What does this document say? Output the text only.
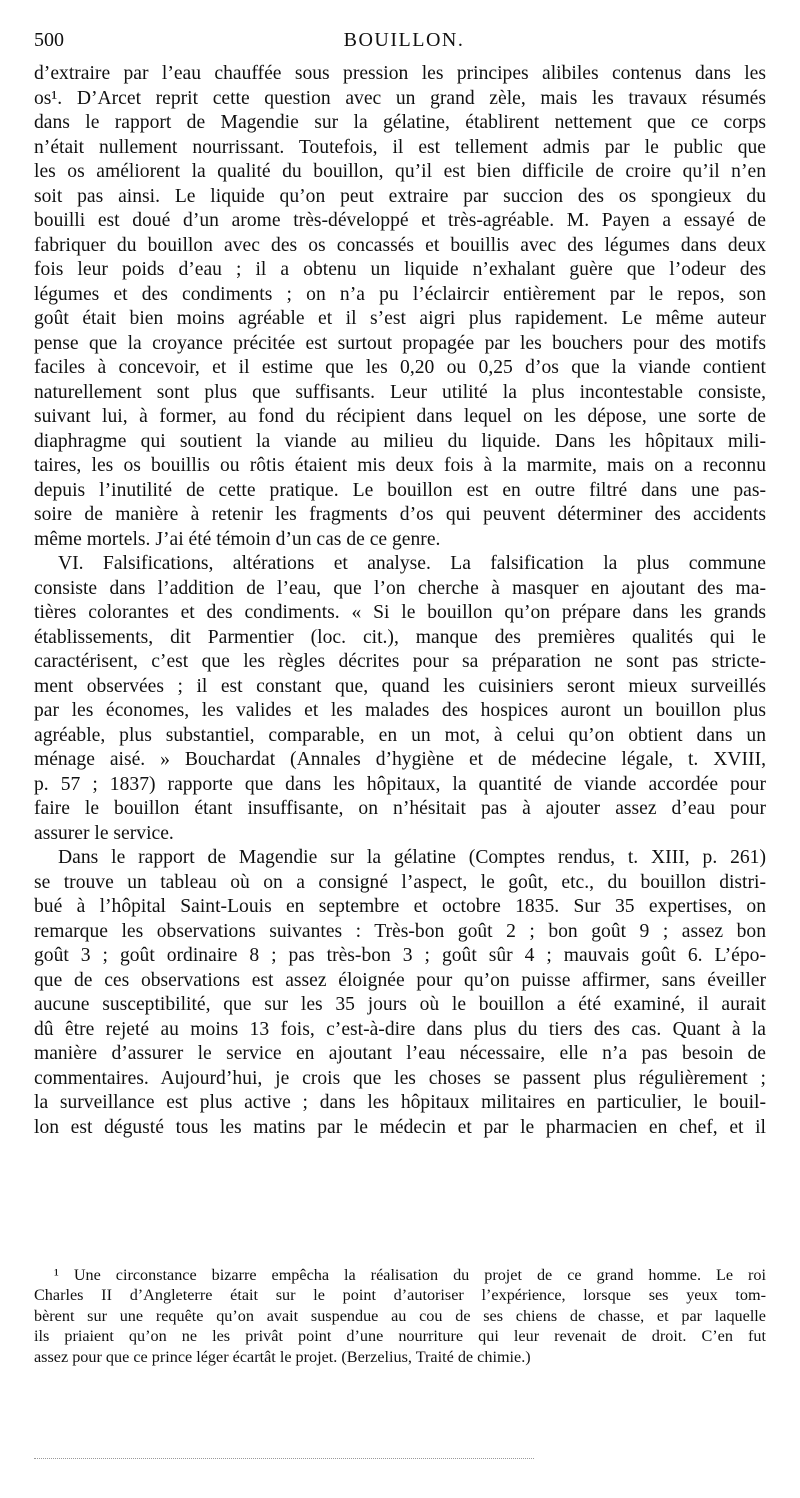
500	BOUILLON.
d’extraire par l’eau chauffée sous pression les principes alibiles contenus dans les
os¹. D’Arcet reprit cette question avec un grand zèle, mais les travaux résumés
dans le rapport de Magendie sur la gélatine, établirent nettement que ce corps
n’était nullement nourrissant. Toutefois, il est tellement admis par le public que
les os améliorent la qualité du bouillon, qu’il est bien difficile de croire qu’il n’en
soit pas ainsi. Le liquide qu’on peut extraire par succion des os spongieux du
bouilli est doué d’un arome très-développé et très-agréable. M. Payen a essayé de
fabriquer du bouillon avec des os concassés et bouillis avec des légumes dans deux
fois leur poids d’eau ; il a obtenu un liquide n’exhalant guère que l’odeur des
légumes et des condiments ; on n’a pu l’éclaircir entièrement par le repos, son
goût était bien moins agréable et il s’est aigri plus rapidement. Le même auteur
pense que la croyance précitée est surtout propagée par les bouchers pour des motifs
faciles à concevoir, et il estime que les 0,20 ou 0,25 d’os que la viande contient
naturellement sont plus que suffisants. Leur utilité la plus incontestable consiste,
suivant lui, à former, au fond du récipient dans lequel on les dépose, une sorte de
diaphragme qui soutient la viande au milieu du liquide. Dans les hôpitaux mili-
taires, les os bouillis ou rôtis étaient mis deux fois à la marmite, mais on a reconnu
depuis l’inutilité de cette pratique. Le bouillon est en outre filtré dans une pas-
soire de manière à retenir les fragments d’os qui peuvent déterminer des accidents
même mortels. J’ai été témoin d’un cas de ce genre.
VI. Falsifications, altérations et analyse. La falsification la plus commune
consiste dans l’addition de l’eau, que l’on cherche à masquer en ajoutant des ma-
tières colorantes et des condiments. « Si le bouillon qu’on prépare dans les grands
établissements, dit Parmentier (loc. cit.), manque des premières qualités qui le
caractérisent, c’est que les règles décrites pour sa préparation ne sont pas stricte-
ment observées ; il est constant que, quand les cuisiniers seront mieux surveillés
par les économes, les valides et les malades des hospices auront un bouillon plus
agréable, plus substantiel, comparable, en un mot, à celui qu’on obtient dans un
ménage aisé. » Bouchardat (Annales d’hygiène et de médecine légale, t. XVIII,
p. 57 ; 1837) rapporte que dans les hôpitaux, la quantité de viande accordée pour
faire le bouillon étant insuffisante, on n’hésitait pas à ajouter assez d’eau pour
assurer le service.
Dans le rapport de Magendie sur la gélatine (Comptes rendus, t. XIII, p. 261)
se trouve un tableau où on a consigné l’aspect, le goût, etc., du bouillon distri-
bué à l’hôpital Saint-Louis en septembre et octobre 1835. Sur 35 expertises, on
remarque les observations suivantes : Très-bon goût 2 ; bon goût 9 ; assez bon
goût 3 ; goût ordinaire 8 ; pas très-bon 3 ; goût sûr 4 ; mauvais goût 6. L’épo-
que de ces observations est assez éloignée pour qu’on puisse affirmer, sans éveiller
aucune susceptibilité, que sur les 35 jours où le bouillon a été examiné, il aurait
dû être rejeté au moins 13 fois, c’est-à-dire dans plus du tiers des cas. Quant à la
manière d’assurer le service en ajoutant l’eau nécessaire, elle n’a pas besoin de
commentaires. Aujourd’hui, je crois que les choses se passent plus régulièrement ;
la surveillance est plus active ; dans les hôpitaux militaires en particulier, le bouil-
lon est dégusté tous les matins par le médecin et par le pharmacien en chef, et il
¹ Une circonstance bizarre empêcha la réalisation du projet de ce grand homme. Le roi
Charles II d’Angleterre était sur le point d’autoriser l’expérience, lorsque ses yeux tom-
bèrent sur une requête qu’on avait suspendue au cou de ses chiens de chasse, et par laquelle
ils priaient qu’on ne les privât point d’une nourriture qui leur revenait de droit. C’en fut
assez pour que ce prince léger écartât le projet. (Berzelius, Traité de chimie.)
